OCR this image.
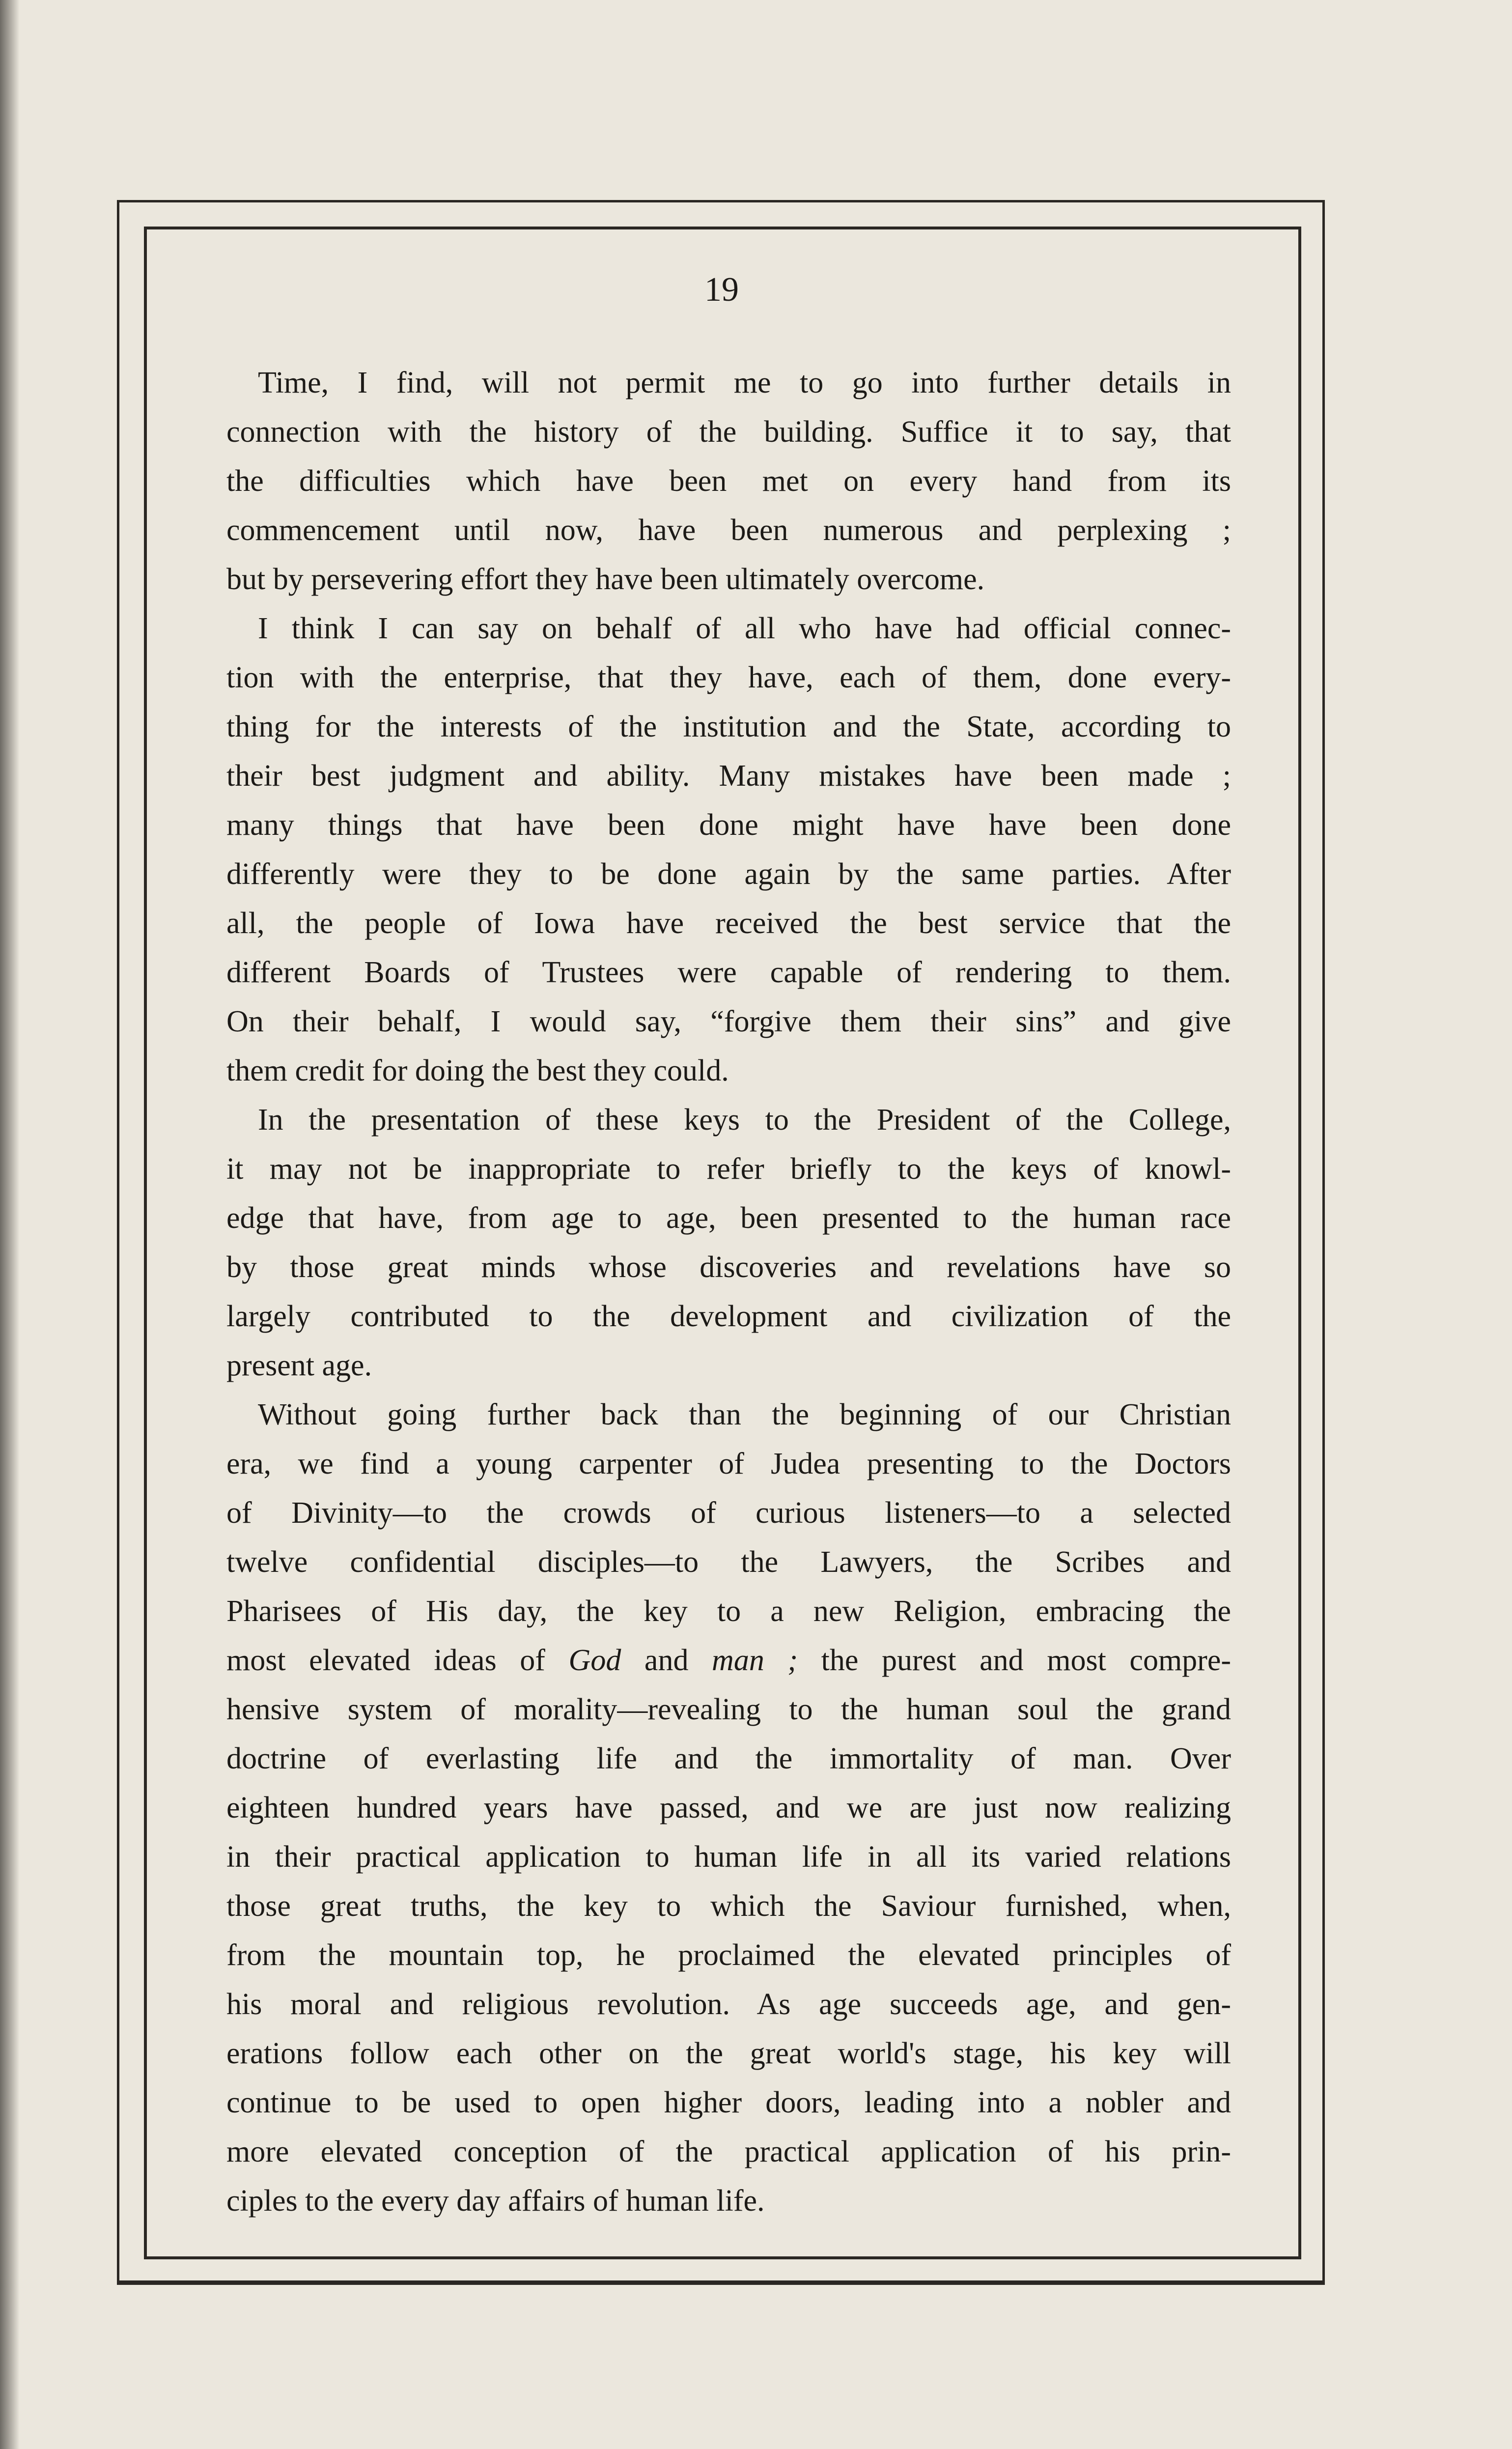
19
Time, I find, will not permit me to go into further details in
connection with the history of the building. Suffice it to say, that
the difficulties which have been met on every hand from its
commencement until now, have been numerous and perplexing ;
but by persevering effort they have been ultimately overcome.
I think I can say on behalf of all who have had official connec-
tion with the enterprise, that they have, each of them, done every-
thing for the interests of the institution and the State, according to
their best judgment and ability. Many mistakes have been made ;
many things that have been done might have have been done
differently were they to be done again by the same parties. After
all, the people of Iowa have received the best service that the
different Boards of Trustees were capable of rendering to them.
On their behalf, I would say, “forgive them their sins” and give
them credit for doing the best they could.
In the presentation of these keys to the President of the College,
it may not be inappropriate to refer briefly to the keys of knowl-
edge that have, from age to age, been presented to the human race
by those great minds whose discoveries and revelations have so
largely contributed to the development and civilization of the
present age.
Without going further back than the beginning of our Christian
era, we find a young carpenter of Judea presenting to the Doctors
of Divinity—to the crowds of curious listeners—to a selected
twelve confidential disciples—to the Lawyers, the Scribes and
Pharisees of His day, the key to a new Religion, embracing the
most elevated ideas of God and man ; the purest and most compre-
hensive system of morality—revealing to the human soul the grand
doctrine of everlasting life and the immortality of man. Over
eighteen hundred years have passed, and we are just now realizing
in their practical application to human life in all its varied relations
those great truths, the key to which the Saviour furnished, when,
from the mountain top, he proclaimed the elevated principles of
his moral and religious revolution. As age succeeds age, and gen-
erations follow each other on the great world's stage, his key will
continue to be used to open higher doors, leading into a nobler and
more elevated conception of the practical application of his prin-
ciples to the every day affairs of human life.
